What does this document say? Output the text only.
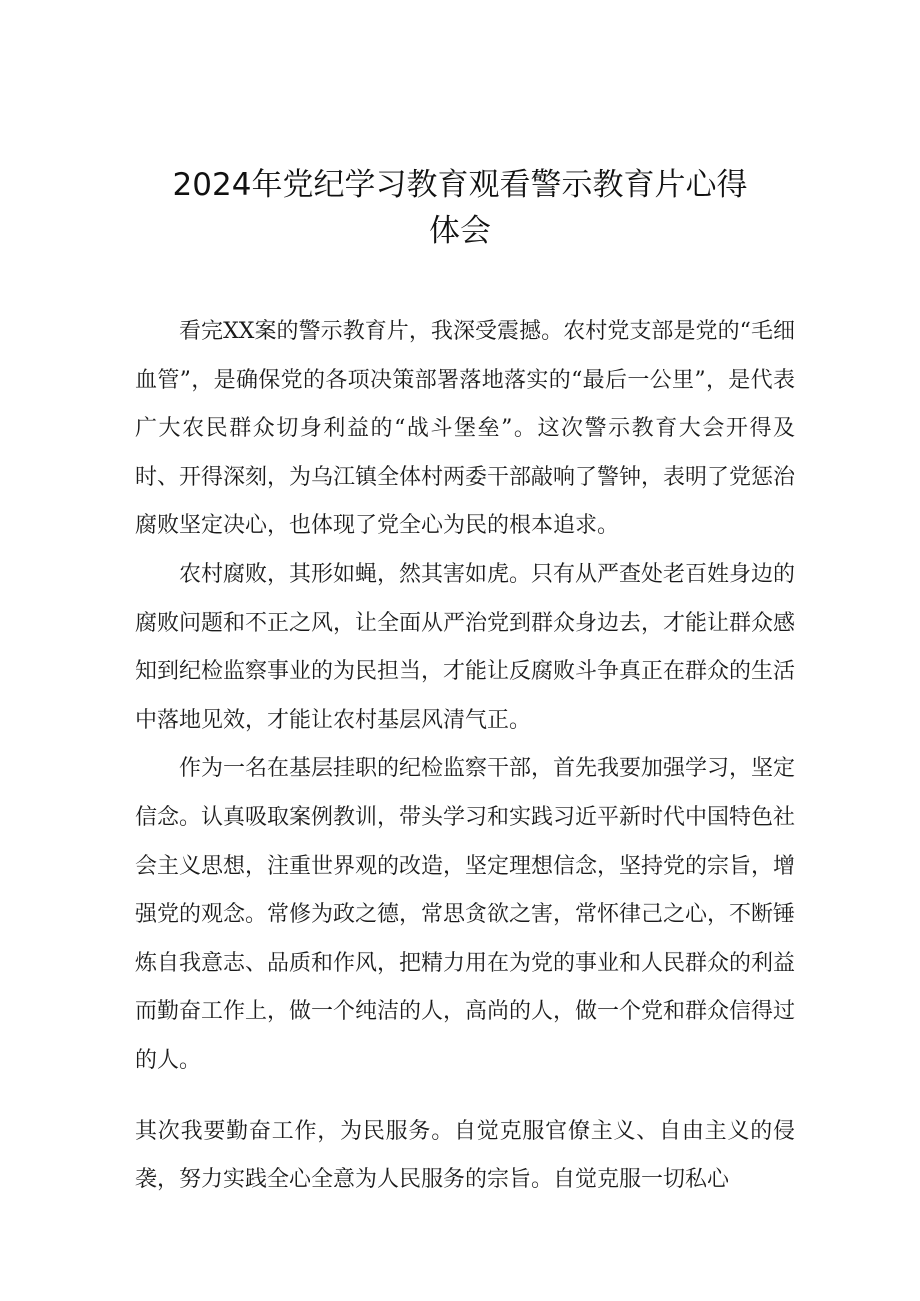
2024年党纪学习教育观看警示教育片心得
体会

看完XX案的警示教育片，我深受震撼。农村党支部是党的“毛细血管”，是确保党的各项决策部署落地落实的“最后一公里”，是代表广大农民群众切身利益的“战斗堡垒”。这次警示教育大会开得及时、开得深刻，为乌江镇全体村两委干部敲响了警钟，表明了党惩治腐败坚定决心，也体现了党全心为民的根本追求。

农村腐败，其形如蝇，然其害如虎。只有从严查处老百姓身边的腐败问题和不正之风，让全面从严治党到群众身边去，才能让群众感知到纪检监察事业的为民担当，才能让反腐败斗争真正在群众的生活中落地见效，才能让农村基层风清气正。

作为一名在基层挂职的纪检监察干部，首先我要加强学习，坚定信念。认真吸取案例教训，带头学习和实践习近平新时代中国特色社会主义思想，注重世界观的改造，坚定理想信念，坚持党的宗旨，增强党的观念。常修为政之德，常思贪欲之害，常怀律己之心，不断锤炼自我意志、品质和作风，把精力用在为党的事业和人民群众的利益而勤奋工作上，做一个纯洁的人，高尚的人，做一个党和群众信得过的人。

其次我要勤奋工作，为民服务。自觉克服官僚主义、自由主义的侵袭，努力实践全心全意为人民服务的宗旨。自觉克服一切私心
